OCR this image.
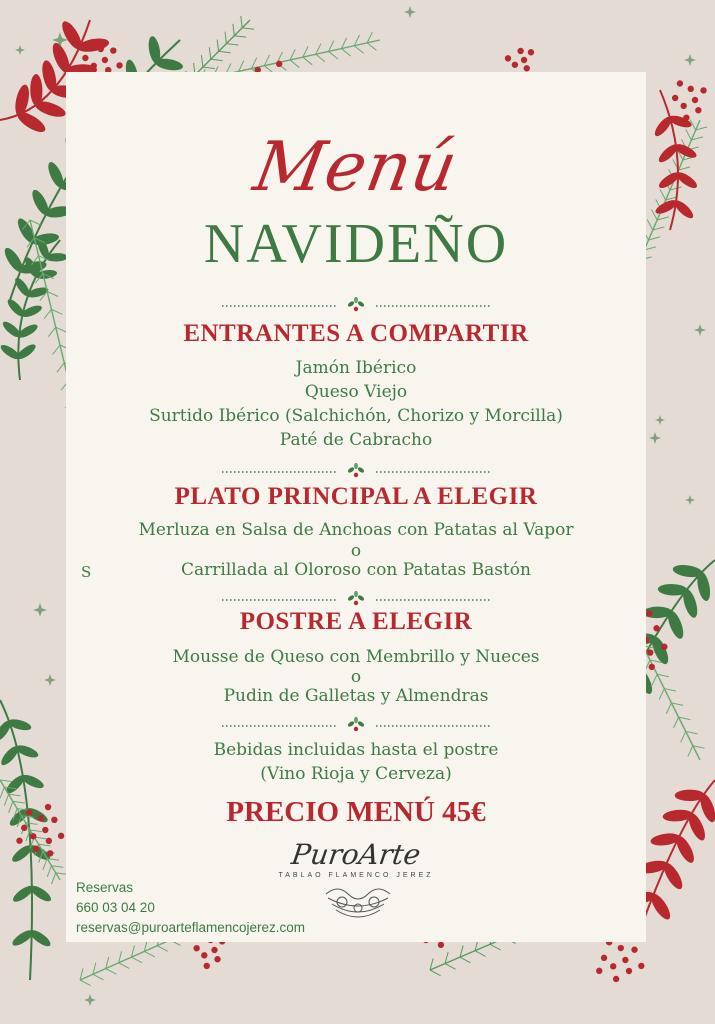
Menú
NAVIDEÑO
ENTRANTES A COMPARTIR
Jamón Ibérico
Queso Viejo
Surtido Ibérico (Salchichón, Chorizo y Morcilla)
Paté de Cabracho
PLATO PRINCIPAL A ELEGIR
Merluza en Salsa de Anchoas con Patatas al Vapor
o
Carrillada al Oloroso con Patatas Bastón
S
POSTRE A ELEGIR
Mousse de Queso con Membrillo y Nueces
o
Pudin de Galletas y Almendras
Bebidas incluidas hasta el postre
(Vino Rioja y Cerveza)
PRECIO MENÚ 45€
PuroArte
TABLAO FLAMENCO JEREZ
Reservas
660 03 04 20
reservas@puroarteflamencojerez.com
